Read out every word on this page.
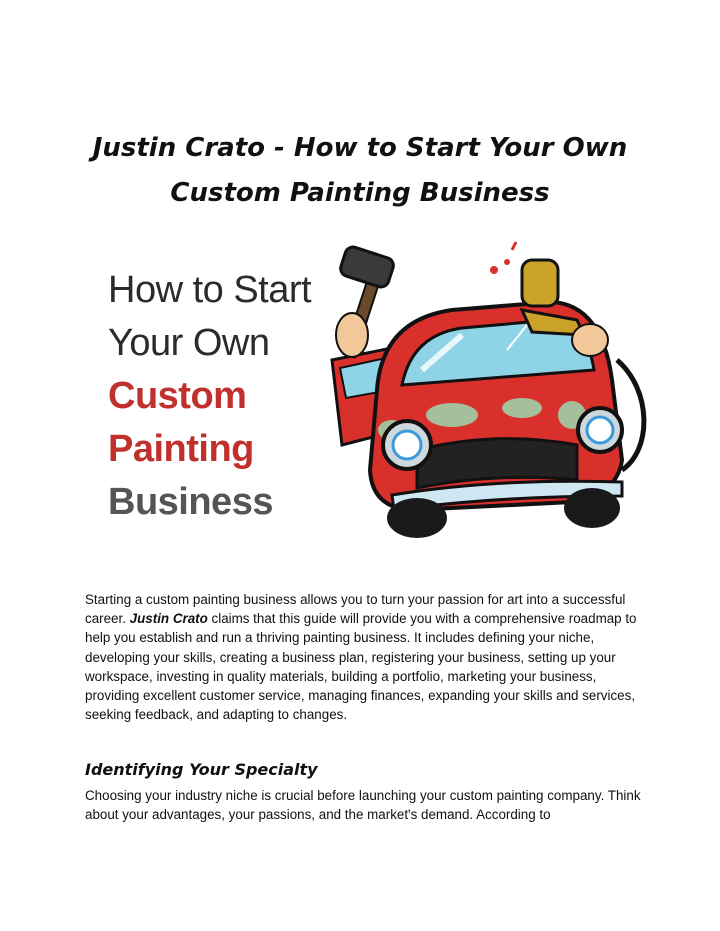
Justin Crato - How to Start Your Own
Custom Painting Business
How to Start
Your Own
Custom
Painting
Business

Starting a custom painting business allows you to turn your passion for art into a successful career. Justin Crato claims that this guide will provide you with a comprehensive roadmap to help you establish and run a thriving painting business. It includes defining your niche, developing your skills, creating a business plan, registering your business, setting up your workspace, investing in quality materials, building a portfolio, marketing your business, providing excellent customer service, managing finances, expanding your skills and services, seeking feedback, and adapting to changes.

Identifying Your Specialty

Choosing your industry niche is crucial before launching your custom painting company. Think about your advantages, your passions, and the market's demand. According to
